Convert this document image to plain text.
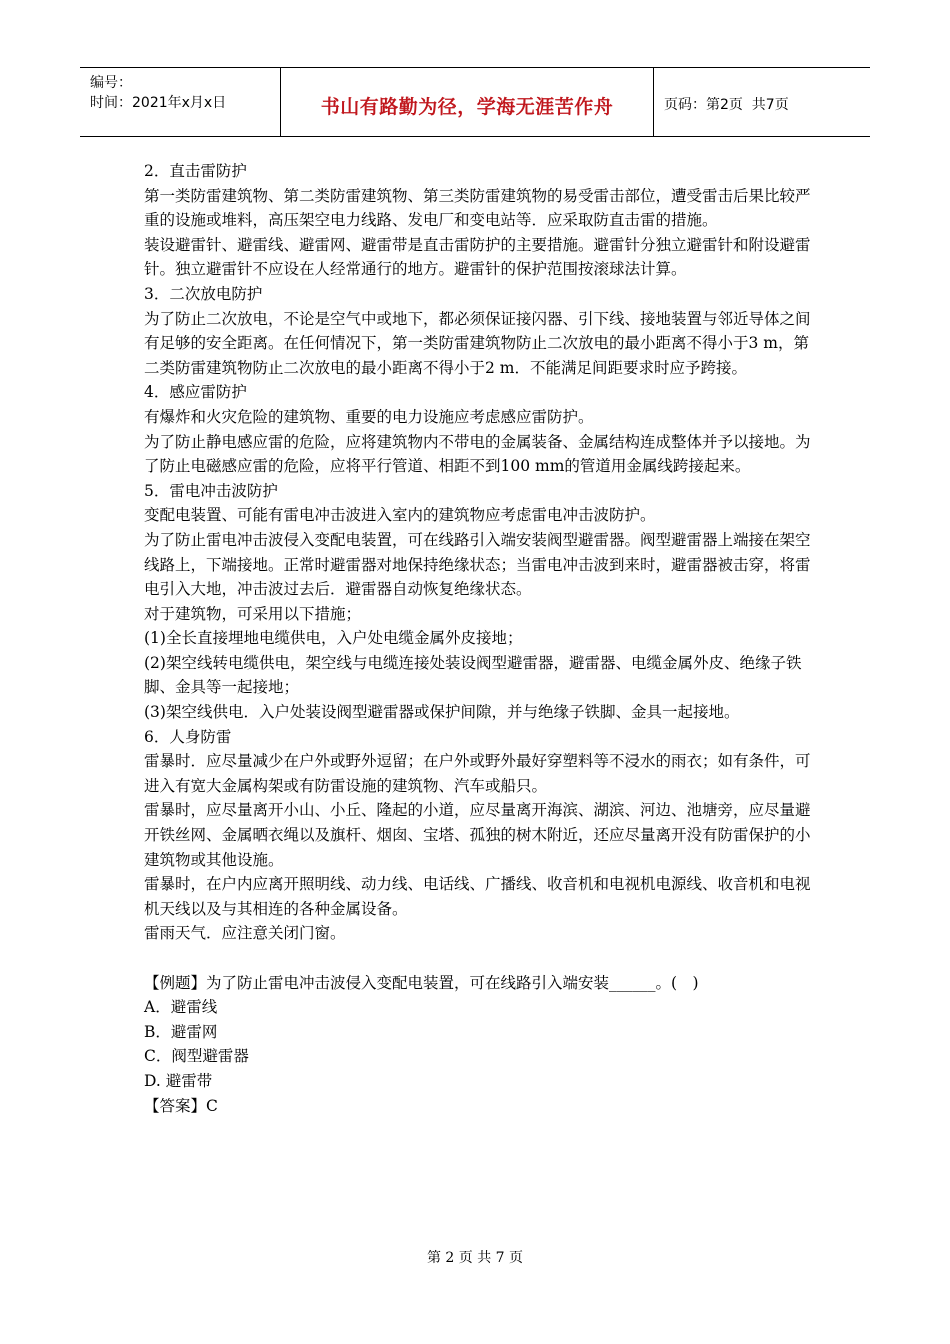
编号：
时间：2021年x月x日	书山有路勤为径，学海无涯苦作舟	页码：第2页  共7页

2．直击雷防护

第一类防雷建筑物、第二类防雷建筑物、第三类防雷建筑物的易受雷击部位，遭受雷击后果比较严重的设施或堆料，高压架空电力线路、发电厂和变电站等．应采取防直击雷的措施。

装设避雷针、避雷线、避雷网、避雷带是直击雷防护的主要措施。避雷针分独立避雷针和附设避雷针。独立避雷针不应设在人经常通行的地方。避雷针的保护范围按滚球法计算。

3．二次放电防护

为了防止二次放电，不论是空气中或地下，都必须保证接闪器、引下线、接地装置与邻近导体之间有足够的安全距离。在任何情况下，第一类防雷建筑物防止二次放电的最小距离不得小于3 m，第二类防雷建筑物防止二次放电的最小距离不得小于2 m．不能满足间距要求时应予跨接。

4．感应雷防护

有爆炸和火灾危险的建筑物、重要的电力设施应考虑感应雷防护。

为了防止静电感应雷的危险，应将建筑物内不带电的金属装备、金属结构连成整体并予以接地。为了防止电磁感应雷的危险，应将平行管道、相距不到100 mm的管道用金属线跨接起来。

5．雷电冲击波防护

变配电装置、可能有雷电冲击波进入室内的建筑物应考虑雷电冲击波防护。

为了防止雷电冲击波侵入变配电装置，可在线路引入端安装阀型避雷器。阀型避雷器上端接在架空线路上，下端接地。正常时避雷器对地保持绝缘状态；当雷电冲击波到来时，避雷器被击穿，将雷电引入大地，冲击波过去后．避雷器自动恢复绝缘状态。

对于建筑物，可采用以下措施；

(1)全长直接埋地电缆供电，入户处电缆金属外皮接地；

(2)架空线转电缆供电，架空线与电缆连接处装设阀型避雷器，避雷器、电缆金属外皮、绝缘子铁脚、金具等一起接地；

(3)架空线供电．入户处装设阀型避雷器或保护间隙，并与绝缘子铁脚、金具一起接地。

6．人身防雷

雷暴时．应尽量减少在户外或野外逗留；在户外或野外最好穿塑料等不浸水的雨衣；如有条件，可进入有宽大金属构架或有防雷设施的建筑物、汽车或船只。

雷暴时，应尽量离开小山、小丘、隆起的小道，应尽量离开海滨、湖滨、河边、池塘旁，应尽量避开铁丝网、金属晒衣绳以及旗杆、烟囱、宝塔、孤独的树木附近，还应尽量离开没有防雷保护的小建筑物或其他设施。

雷暴时，在户内应离开照明线、动力线、电话线、广播线、收音机和电视机电源线、收音机和电视机天线以及与其相连的各种金属设备。

雷雨天气．应注意关闭门窗。

【例题】为了防止雷电冲击波侵入变配电装置，可在线路引入端安装______。(　)

A．避雷线

B．避雷网

C．阀型避雷器

D. 避雷带

【答案】C

第 2 页 共 7 页
